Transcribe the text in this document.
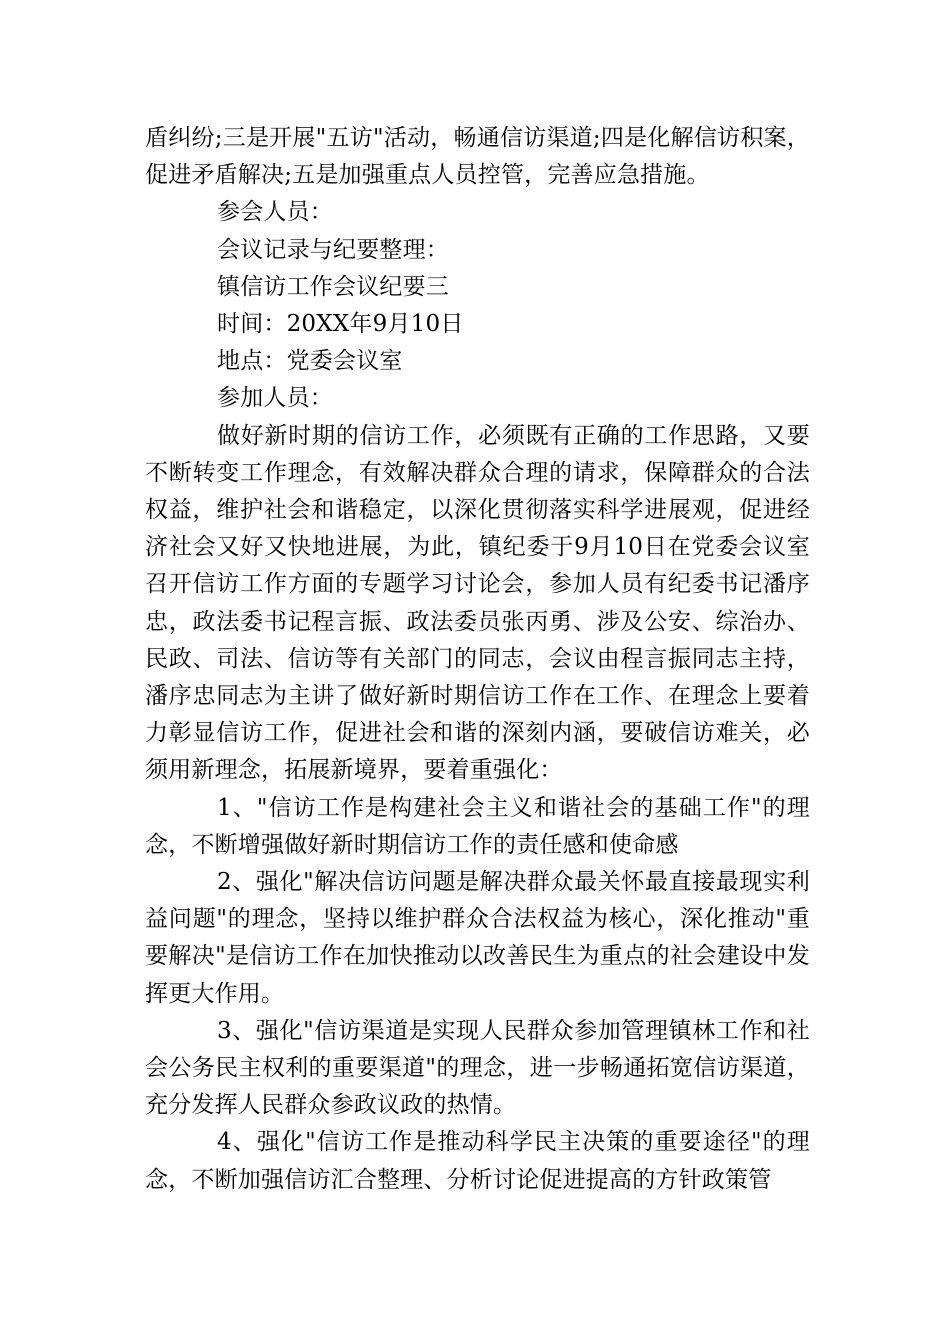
盾纠纷;三是开展"五访"活动，畅通信访渠道;四是化解信访积案，促进矛盾解决;五是加强重点人员控管，完善应急措施。

参会人员：

会议记录与纪要整理：

镇信访工作会议纪要三

时间：20XX年9月10日

地点：党委会议室

参加人员：

做好新时期的信访工作，必须既有正确的工作思路，又要不断转变工作理念，有效解决群众合理的请求，保障群众的合法权益，维护社会和谐稳定，以深化贯彻落实科学进展观，促进经济社会又好又快地进展，为此，镇纪委于9月10日在党委会议室召开信访工作方面的专题学习讨论会，参加人员有纪委书记潘序忠，政法委书记程言振、政法委员张丙勇、涉及公安、综治办、民政、司法、信访等有关部门的同志，会议由程言振同志主持，潘序忠同志为主讲了做好新时期信访工作在工作、在理念上要着力彰显信访工作，促进社会和谐的深刻内涵，要破信访难关，必须用新理念，拓展新境界，要着重强化：

1、"信访工作是构建社会主义和谐社会的基础工作"的理念，不断增强做好新时期信访工作的责任感和使命感

2、强化"解决信访问题是解决群众最关怀最直接最现实利益问题"的理念，坚持以维护群众合法权益为核心，深化推动"重要解决"是信访工作在加快推动以改善民生为重点的社会建设中发挥更大作用。

3、强化"信访渠道是实现人民群众参加管理镇林工作和社会公务民主权利的重要渠道"的理念，进一步畅通拓宽信访渠道，充分发挥人民群众参政议政的热情。

4、强化"信访工作是推动科学民主决策的重要途径"的理念，不断加强信访汇合整理、分析讨论促进提高的方针政策管
